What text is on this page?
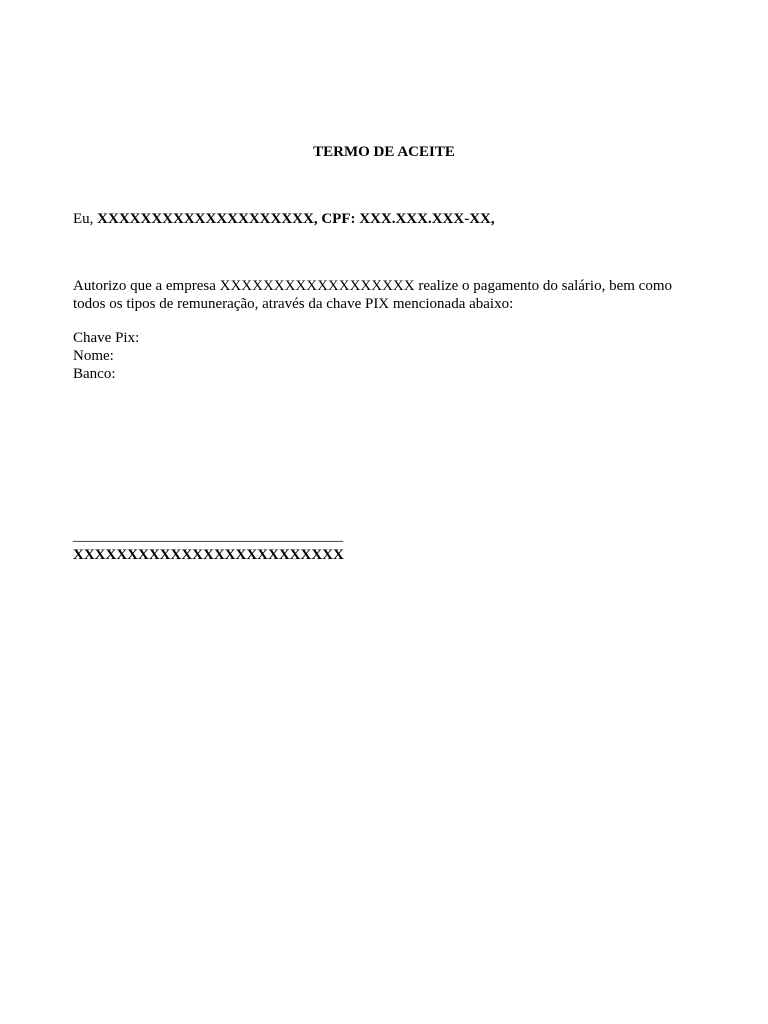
TERMO DE ACEITE
Eu, XXXXXXXXXXXXXXXXXXXX, CPF: XXX.XXX.XXX-XX,
Autorizo que a empresa XXXXXXXXXXXXXXXXXX realize o pagamento do salário, bem como todos os tipos de remuneração, através da chave PIX mencionada abaixo:
Chave Pix:
Nome:
Banco:
____________________________________
XXXXXXXXXXXXXXXXXXXXXXXXX
